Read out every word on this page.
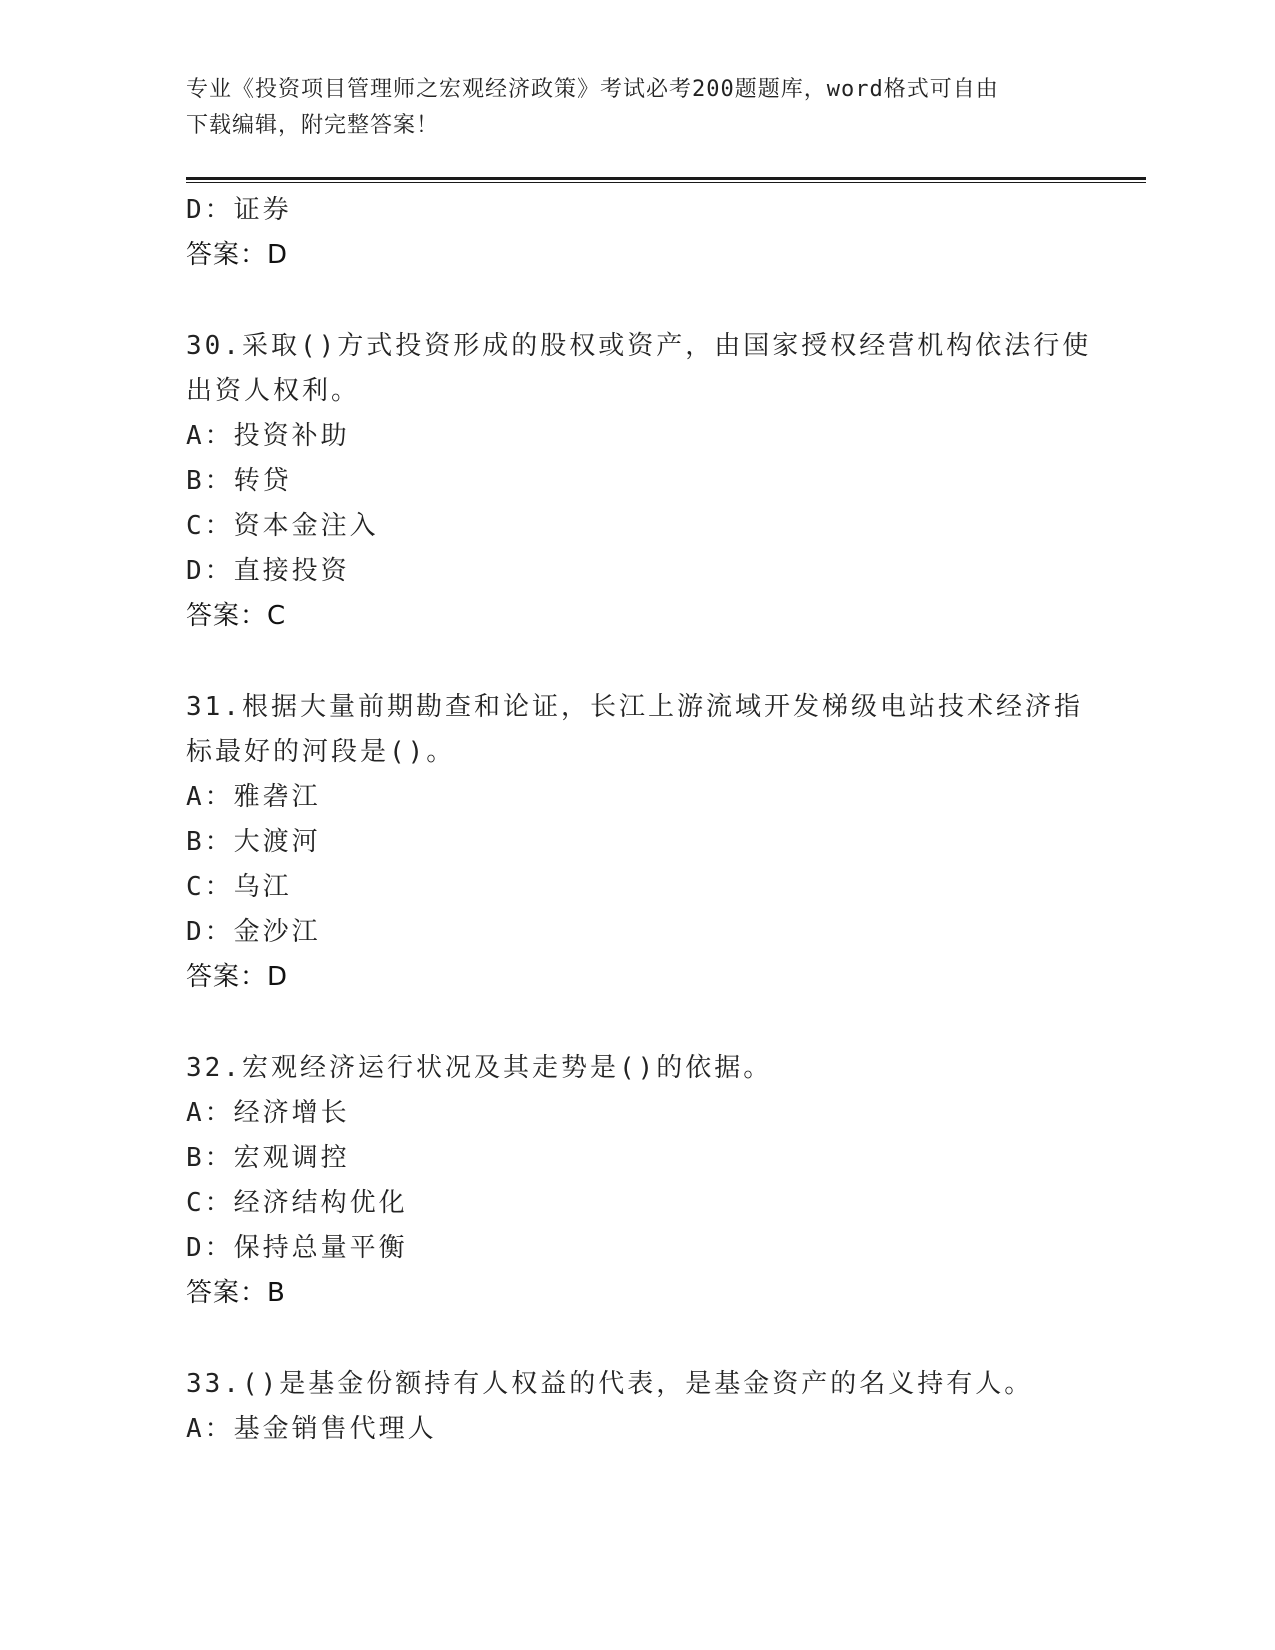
专业《投资项目管理师之宏观经济政策》考试必考200题题库，word格式可自由
下载编辑，附完整答案！
D：证券
答案：D
30.采取()方式投资形成的股权或资产，由国家授权经营机构依法行使
出资人权利。
A：投资补助
B：转贷
C：资本金注入
D：直接投资
答案：C
31.根据大量前期勘查和论证，长江上游流域开发梯级电站技术经济指
标最好的河段是()。
A：雅砻江
B：大渡河
C：乌江
D：金沙江
答案：D
32.宏观经济运行状况及其走势是()的依据。
A：经济增长
B：宏观调控
C：经济结构优化
D：保持总量平衡
答案：B
33.()是基金份额持有人权益的代表，是基金资产的名义持有人。
A：基金销售代理人
